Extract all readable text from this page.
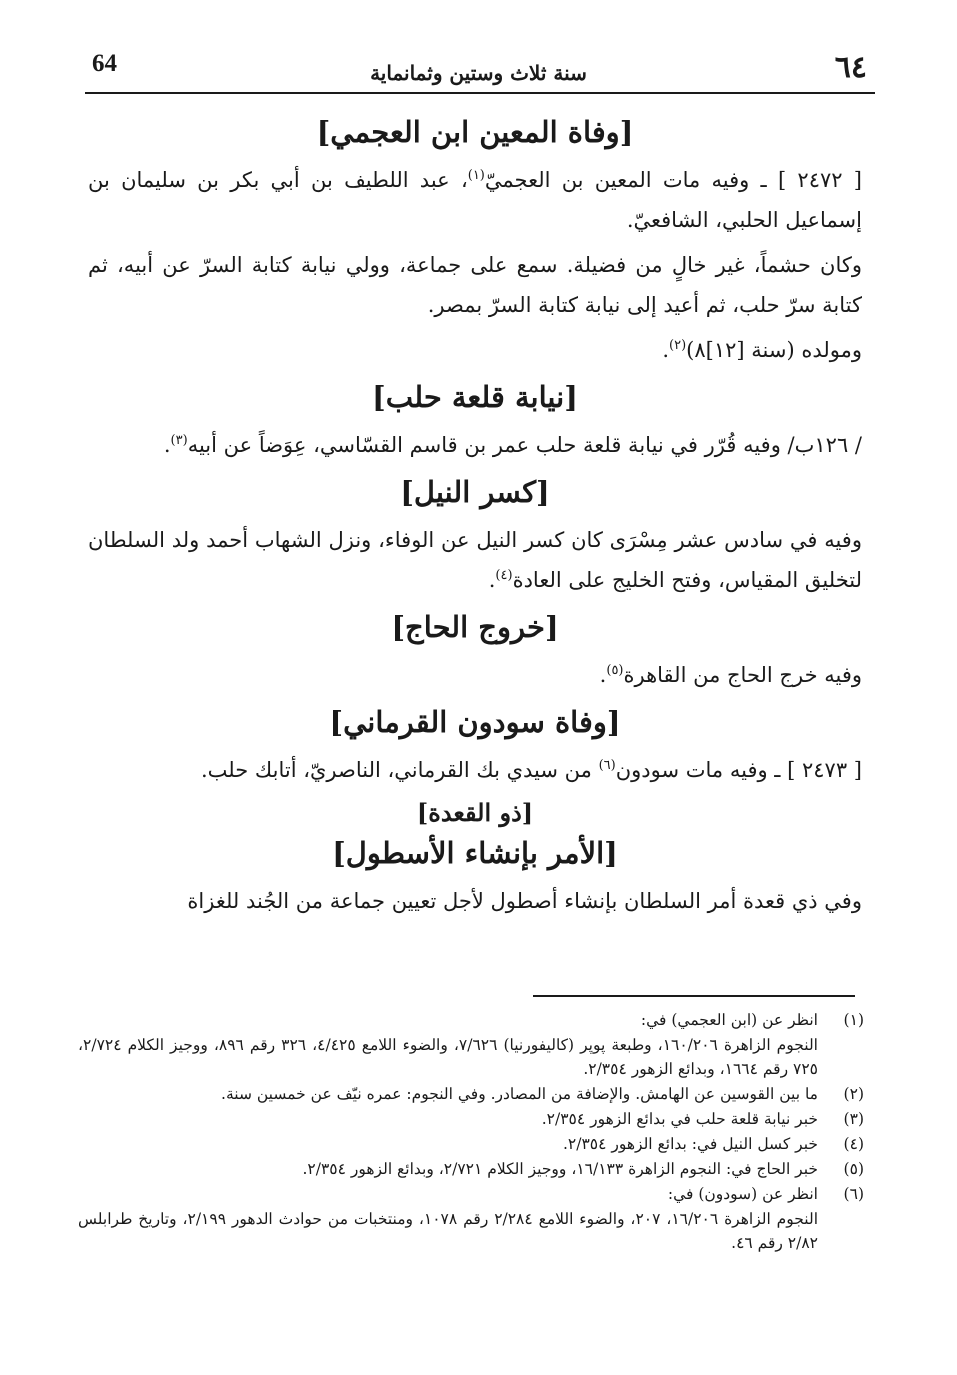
٦٤
سنة ثلاث وستين وثمانماية
64
[وفاة المعين ابن العجمي]

[ ٢٤٧٢ ] ـ وفيه مات المعين بن العجميّ$^{(١)}$، عبد اللطيف بن أبي بكر بن سليمان بن إسماعيل الحلبي، الشافعيّ.

وكان حشماً، غير خالٍ من فضيلة. سمع على جماعة، وولي نيابة كتابة السرّ عن أبيه، ثم كتابة سرّ حلب، ثم أعيد إلى نيابة كتابة السرّ بمصر.

ومولده (سنة [١٢]٨)$^{(٢)}$.

[نيابة قلعة حلب]

/ ١٢٦ب/ وفيه قُرّر في نيابة قلعة حلب عمر بن قاسم القسّاسي، عِوَضاً عن أبيه$^{(٣)}$.

[كسر النيل]

وفيه في سادس عشر مِسْرَى كان كسر النيل عن الوفاء، ونزل الشهاب أحمد ولد السلطان لتخليق المقياس، وفتح الخليج على العادة$^{(٤)}$.

[خروج الحاج]

وفيه خرج الحاج من القاهرة$^{(٥)}$.

[وفاة سودون القرماني]

[ ٢٤٧٣ ] ـ وفيه مات سودون$^{(٦)}$ من سيدي بك القرماني، الناصريّ، أتابك حلب.

[ذو القعدة]
[الأمر بإنشاء الأسطول]

وفي ذي قعدة أمر السلطان بإنشاء أصطول لأجل تعيين جماعة من الجُند للغزاة

(١)
انظر عن (ابن العجمي) في:
النجوم الزاهرة ١٦٠/٢٠٦، وطبعة پوپر (كاليفورنيا) ٧/٦٢٦، والضوء اللامع ٤/٤٢٥، ٣٢٦ رقم ٨٩٦، ووجيز الكلام ٢/٧٢٤، ٧٢٥ رقم ١٦٦٤، وبدائع الزهور ٢/٣٥٤.
(٢)
ما بين القوسين عن الهامش. والإضافة من المصادر. وفي النجوم: عمره نيّف عن خمسين سنة.
(٣)
خبر نيابة قلعة حلب في بدائع الزهور ٢/٣٥٤.
(٤)
خبر كسل النيل في: بدائع الزهور ٢/٣٥٤.
(٥)
خبر الحاج في: النجوم الزاهرة ١٦/١٣٣، ووجيز الكلام ٢/٧٢١، وبدائع الزهور ٢/٣٥٤.
(٦)
انظر عن (سودون) في:
النجوم الزاهرة ١٦/٢٠٦، ٢٠٧، والضوء اللامع ٢/٢٨٤ رقم ١٠٧٨، ومنتخبات من حوادث الدهور ٢/١٩٩، وتاريخ طرابلس ٢/٨٢ رقم ٤٦.
